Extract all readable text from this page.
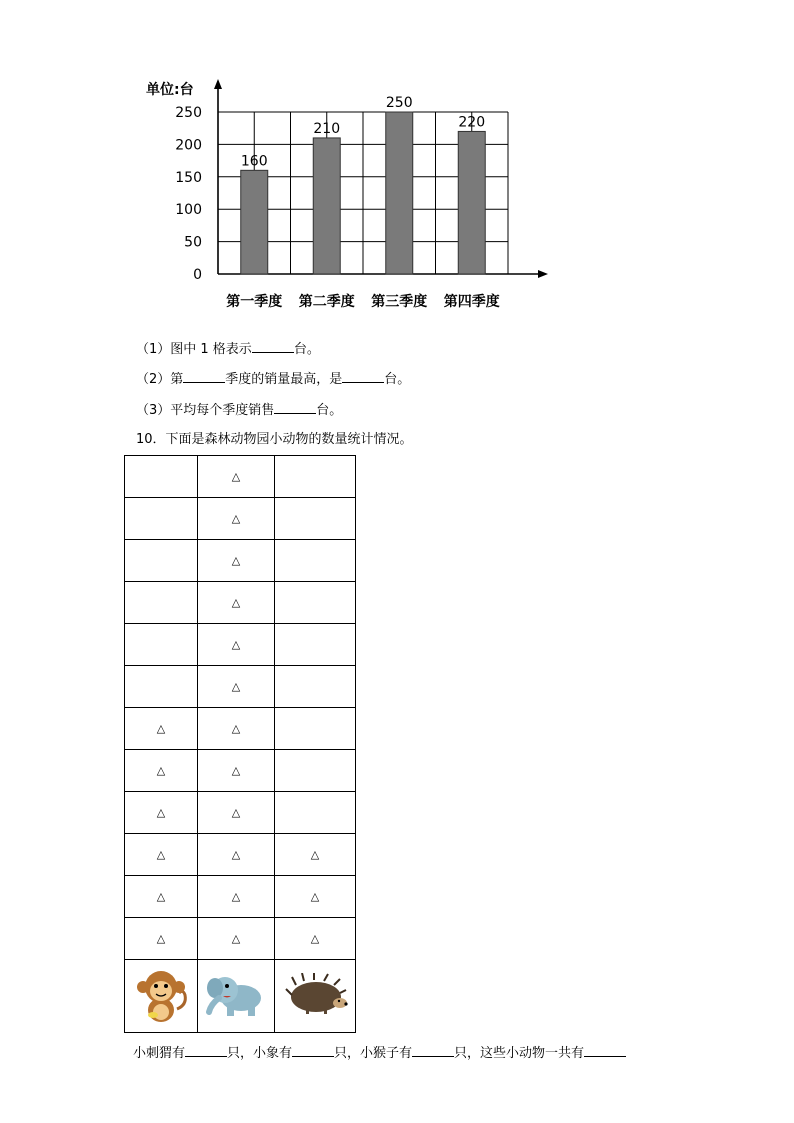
0
50
100
150
200
250
第一季度 第二季度 第三季度 第四季度
160
210
250
220
单位:台
（1）图中 1 格表示	台。
（2）第	季度的销量最高，是	台。
（3）平均每个季度销售	台。
10．下面是森林动物园小动物的数量统计情况。
	△	
	△	
	△	
	△	
	△	
	△	
△	△	
△	△	
△	△	
△	△	△
△	△	△
△	△	△

小刺猬有	只，小象有	只，小猴子有	只，这些小动物一共有
